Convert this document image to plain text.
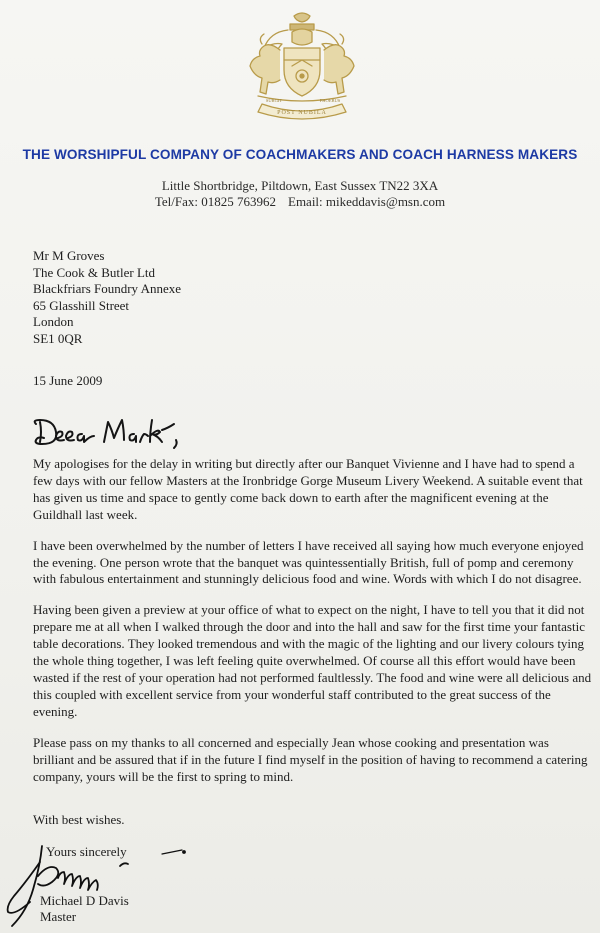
POST NUBILA
SURGIT	PHOEBUS
THE WORSHIPFUL COMPANY OF COACHMAKERS AND COACH HARNESS MAKERS
Little Shortbridge, Piltdown, East Sussex TN22 3XA
Tel/Fax: 01825 763962 Email: mikeddavis@msn.com
Mr M Groves
The Cook & Butler Ltd
Blackfriars Foundry Annexe
65 Glasshill Street
London
SE1 0QR
15 June 2009

My apologises for the delay in writing but directly after our Banquet Vivienne and I have had to spend a few days with our fellow Masters at the Ironbridge Gorge Museum Livery Weekend. A suitable event that has given us time and space to gently come back down to earth after the magnificent evening at the Guildhall last week.

I have been overwhelmed by the number of letters I have received all saying how much everyone enjoyed the evening. One person wrote that the banquet was quintessentially British, full of pomp and ceremony with fabulous entertainment and stunningly delicious food and wine. Words with which I do not disagree.

Having been given a preview at your office of what to expect on the night, I have to tell you that it did not prepare me at all when I walked through the door and into the hall and saw for the first time your fantastic table decorations. They looked tremendous and with the magic of the lighting and our livery colours tying the whole thing together, I was left feeling quite overwhelmed. Of course all this effort would have been wasted if the rest of your operation had not performed faultlessly. The food and wine were all delicious and this coupled with excellent service from your wonderful staff contributed to the great success of the evening.

Please pass on my thanks to all concerned and especially Jean whose cooking and presentation was brilliant and be assured that if in the future I find myself in the position of having to recommend a catering company, yours will be the first to spring to mind.

With best wishes.
Yours sincerely
Michael D Davis
Master
